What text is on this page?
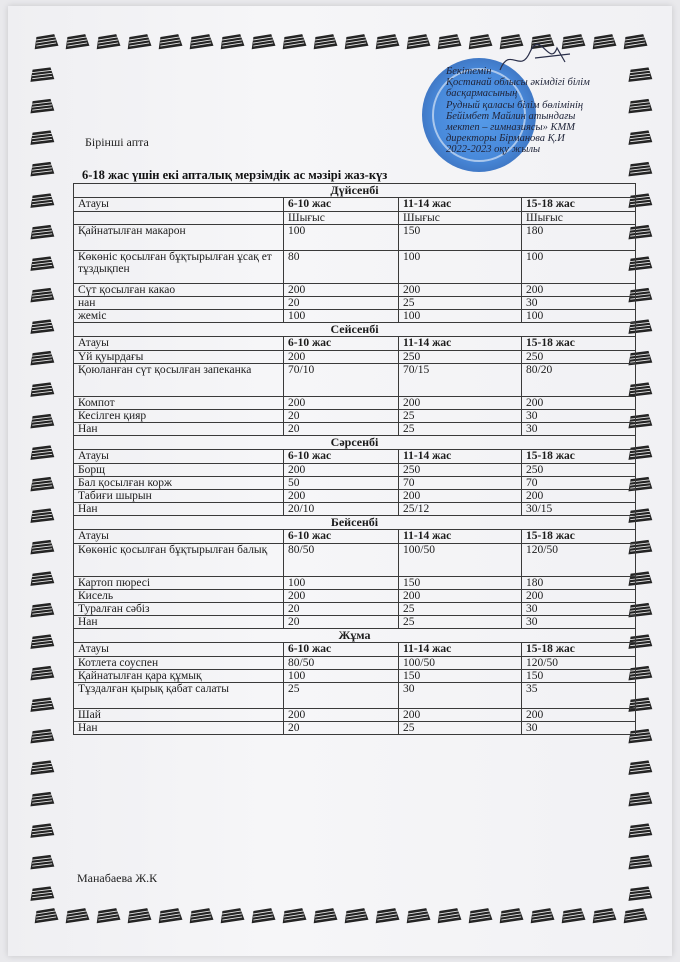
Бекітемін
Қостанай облысы әкімдігі білім
басқармасының
Рудный қаласы білім бөлімінің
Бейімбет Майлин атындағы
мектеп – гимназиясы» КММ
директоры Бірманова Қ.И
2022-2023 оқу жылы
Бірінші апта
6-18 жас үшін екі апталық мерзімдік ас мәзірі жаз-күз
Дүйсенбі			
Атауы	6-10 жас	11-14 жас	15-18 жас
	Шығыс	Шығыс	Шығыс
Қайнатылған макарон	100	150	180
Көкөніс қосылған бұқтырылған ұсақ ет тұздықпен	80	100	100
Сүт қосылған какао	200	200	200
нан	20	25	30
жеміс	100	100	100
Сейсенбі			
Атауы	6-10 жас	11-14 жас	15-18 жас
Үй қуырдағы	200	250	250
Қоюланған сүт қосылған запеканка	70/10	70/15	80/20
Компот	200	200	200
Кесілген қияр	20	25	30
Нан	20	25	30
Сәрсенбі			
Атауы	6-10 жас	11-14 жас	15-18 жас
Борщ	200	250	250
Бал қосылған корж	50	70	70
Табиғи шырын	200	200	200
Нан	20/10	25/12	30/15
Бейсенбі			
Атауы	6-10 жас	11-14 жас	15-18 жас
Көкөніс қосылған бұқтырылған балық	80/50	100/50	120/50
Картоп пюресі	100	150	180
Кисель	200	200	200
Туралған сәбіз	20	25	30
Нан	20	25	30
Жұма			
Атауы	6-10 жас	11-14 жас	15-18 жас
Котлета соуспен	80/50	100/50	120/50
Қайнатылған қара құмық	100	150	150
Тұздалған қырық қабат салаты	25	30	35
Шай	200	200	200
Нан	20	25	30
Манабаева Ж.К
